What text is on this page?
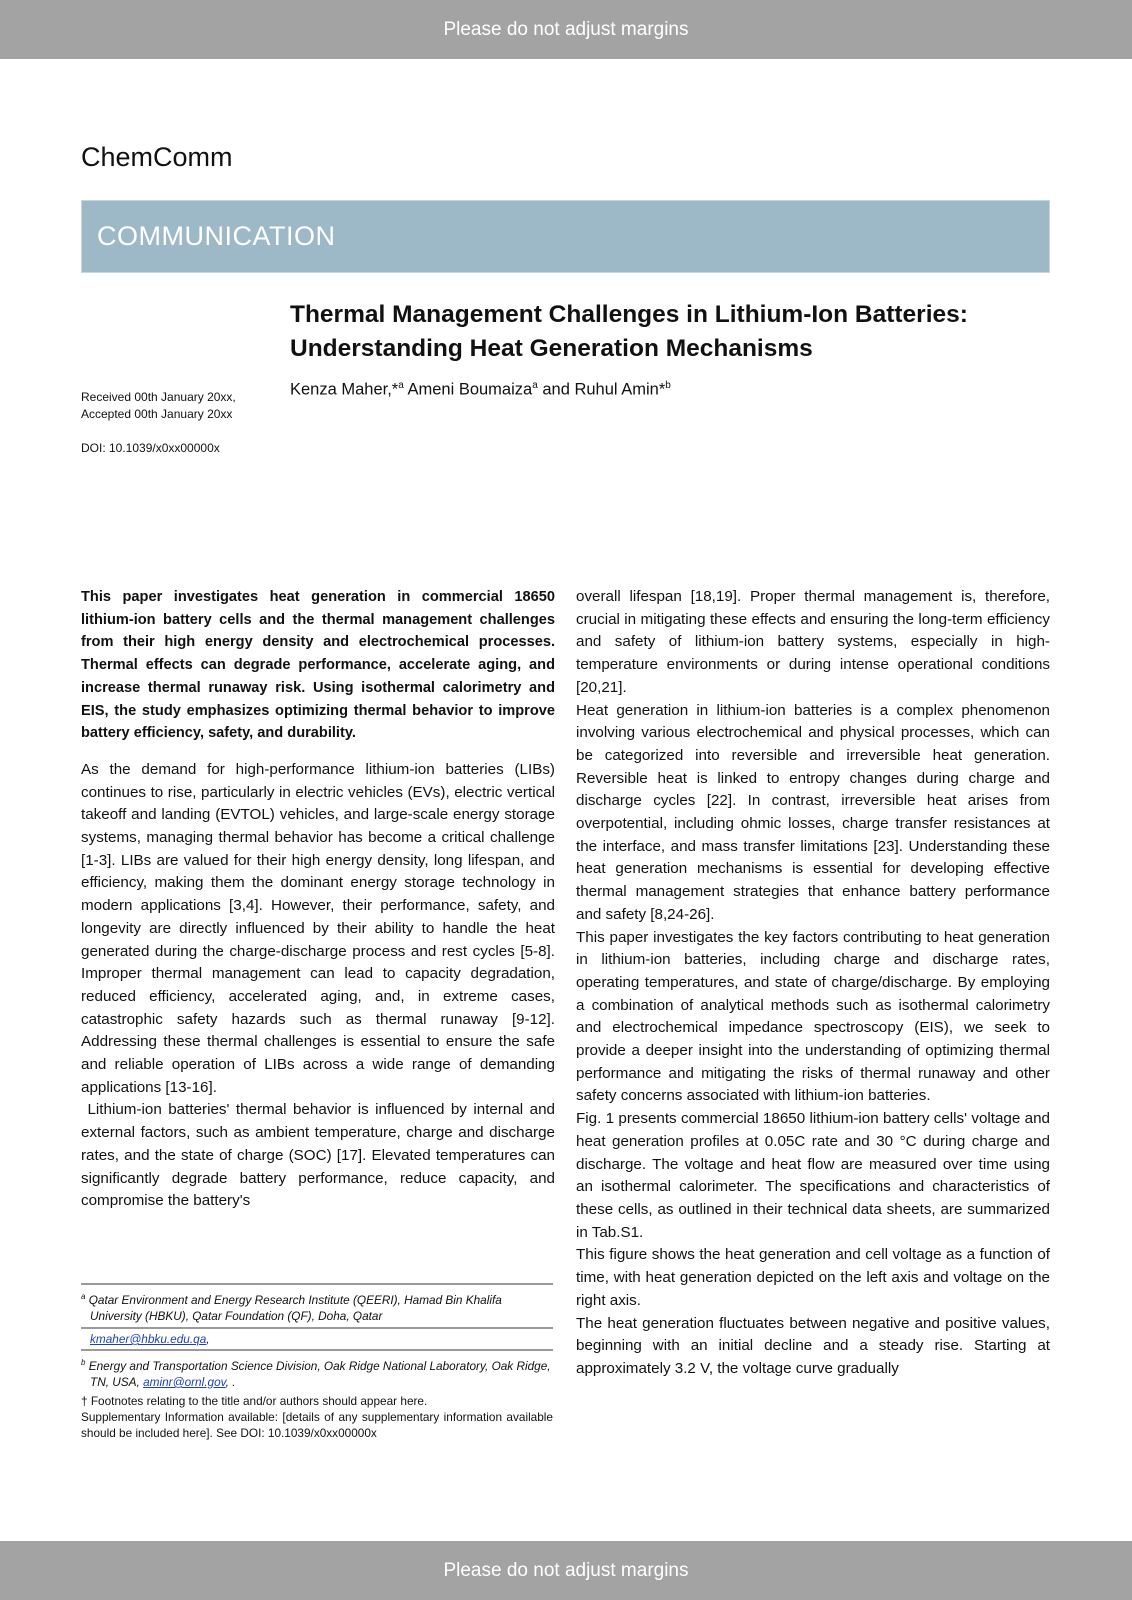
Please do not adjust margins
ChemComm
COMMUNICATION
Thermal Management Challenges in Lithium-Ion Batteries: Understanding Heat Generation Mechanisms
Kenza Maher,*$^a$ Ameni Boumaiza$^a$ and Ruhul Amin*$^b$
Received 00th January 20xx,
Accepted 00th January 20xx
DOI: 10.1039/x0xx00000x

This paper investigates heat generation in commercial 18650 lithium-ion battery cells and the thermal management challenges from their high energy density and electrochemical processes. Thermal effects can degrade performance, accelerate aging, and increase thermal runaway risk. Using isothermal calorimetry and EIS, the study emphasizes optimizing thermal behavior to improve battery efficiency, safety, and durability.

As the demand for high-performance lithium-ion batteries (LIBs) continues to rise, particularly in electric vehicles (EVs), electric vertical takeoff and landing (EVTOL) vehicles, and large-scale energy storage systems, managing thermal behavior has become a critical challenge [1-3]. LIBs are valued for their high energy density, long lifespan, and efficiency, making them the dominant energy storage technology in modern applications [3,4]. However, their performance, safety, and longevity are directly influenced by their ability to handle the heat generated during the charge-discharge process and rest cycles [5-8]. Improper thermal management can lead to capacity degradation, reduced efficiency, accelerated aging, and, in extreme cases, catastrophic safety hazards such as thermal runaway [9-12]. Addressing these thermal challenges is essential to ensure the safe and reliable operation of LIBs across a wide range of demanding applications [13-16].

Lithium-ion batteries' thermal behavior is influenced by internal and external factors, such as ambient temperature, charge and discharge rates, and the state of charge (SOC) [17]. Elevated temperatures can significantly degrade battery performance, reduce capacity, and compromise the battery's

overall lifespan [18,19]. Proper thermal management is, therefore, crucial in mitigating these effects and ensuring the long-term efficiency and safety of lithium-ion battery systems, especially in high-temperature environments or during intense operational conditions [20,21].

Heat generation in lithium-ion batteries is a complex phenomenon involving various electrochemical and physical processes, which can be categorized into reversible and irreversible heat generation. Reversible heat is linked to entropy changes during charge and discharge cycles [22]. In contrast, irreversible heat arises from overpotential, including ohmic losses, charge transfer resistances at the interface, and mass transfer limitations [23]. Understanding these heat generation mechanisms is essential for developing effective thermal management strategies that enhance battery performance and safety [8,24-26].

This paper investigates the key factors contributing to heat generation in lithium-ion batteries, including charge and discharge rates, operating temperatures, and state of charge/discharge. By employing a combination of analytical methods such as isothermal calorimetry and electrochemical impedance spectroscopy (EIS), we seek to provide a deeper insight into the understanding of optimizing thermal performance and mitigating the risks of thermal runaway and other safety concerns associated with lithium-ion batteries.

Fig. 1 presents commercial 18650 lithium-ion battery cells' voltage and heat generation profiles at 0.05C rate and 30 °C during charge and discharge. The voltage and heat flow are measured over time using an isothermal calorimeter. The specifications and characteristics of these cells, as outlined in their technical data sheets, are summarized in Tab.S1.

This figure shows the heat generation and cell voltage as a function of time, with heat generation depicted on the left axis and voltage on the right axis.

The heat generation fluctuates between negative and positive values, beginning with an initial decline and a steady rise. Starting at approximately 3.2 V, the voltage curve gradually

$^a$ Qatar Environment and Energy Research Institute (QEERI), Hamad Bin Khalifa University (HBKU), Qatar Foundation (QF), Doha, Qatar

kmaher@hbku.edu.qa,

$^b$ Energy and Transportation Science Division, Oak Ridge National Laboratory, Oak Ridge, TN, USA, aminr@ornl.gov, .

† Footnotes relating to the title and/or authors should appear here.

Supplementary Information available: [details of any supplementary information available should be included here]. See DOI: 10.1039/x0xx00000x

Please do not adjust margins
